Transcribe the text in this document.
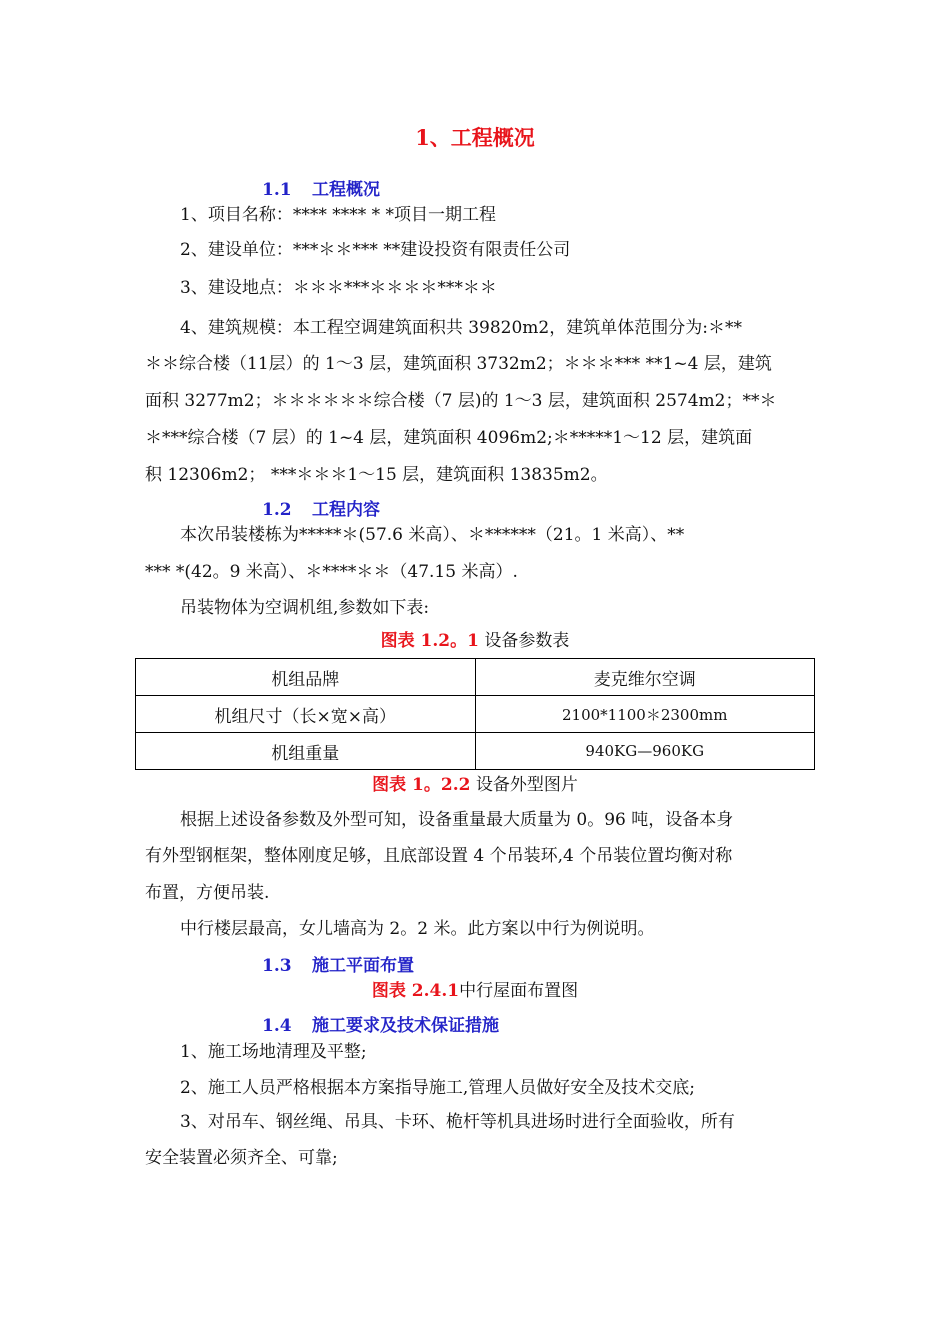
1、工程概况
1.1 工程概况
1、项目名称：**** **** * *项目一期工程
2、建设单位：***＊＊*** **建设投资有限责任公司
3、建设地点：＊＊＊***＊＊＊＊***＊＊
4、建筑规模：本工程空调建筑面积共 39820m2，建筑单体范围分为:＊**
＊＊综合楼（11层）的 1～3 层，建筑面积 3732m2；＊＊＊*** **1~4 层，建筑
面积 3277m2；＊＊＊＊＊＊综合楼（7 层)的 1～3 层，建筑面积 2574m2；**＊
＊***综合楼（7 层）的 1~4 层，建筑面积 4096m2;＊*****1～12 层，建筑面
积 12306m2； ***＊＊＊1～15 层，建筑面积 13835m2。
1.2 工程内容
本次吊装楼栋为*****＊(57.6 米高）、＊******（21。1 米高）、**
*** *(42。9 米高）、＊****＊＊（47.15 米高）.
吊装物体为空调机组,参数如下表:
图表 1.2。1 设备参数表
机组品牌	麦克维尔空调
机组尺寸（长×宽×高）	2100*1100＊2300mm
机组重量	940KG—960KG
图表 1。2.2 设备外型图片
根据上述设备参数及外型可知，设备重量最大质量为 0。96 吨，设备本身
有外型钢框架，整体刚度足够，且底部设置 4 个吊装环,4 个吊装位置均衡对称
布置，方便吊装.
中行楼层最高，女儿墙高为 2。2 米。此方案以中行为例说明。
1.3 施工平面布置
图表 2.4.1中行屋面布置图
1.4 施工要求及技术保证措施
1、施工场地清理及平整;
2、施工人员严格根据本方案指导施工,管理人员做好安全及技术交底;
3、对吊车、钢丝绳、吊具、卡环、桅杆等机具进场时进行全面验收，所有
安全装置必须齐全、可靠;
